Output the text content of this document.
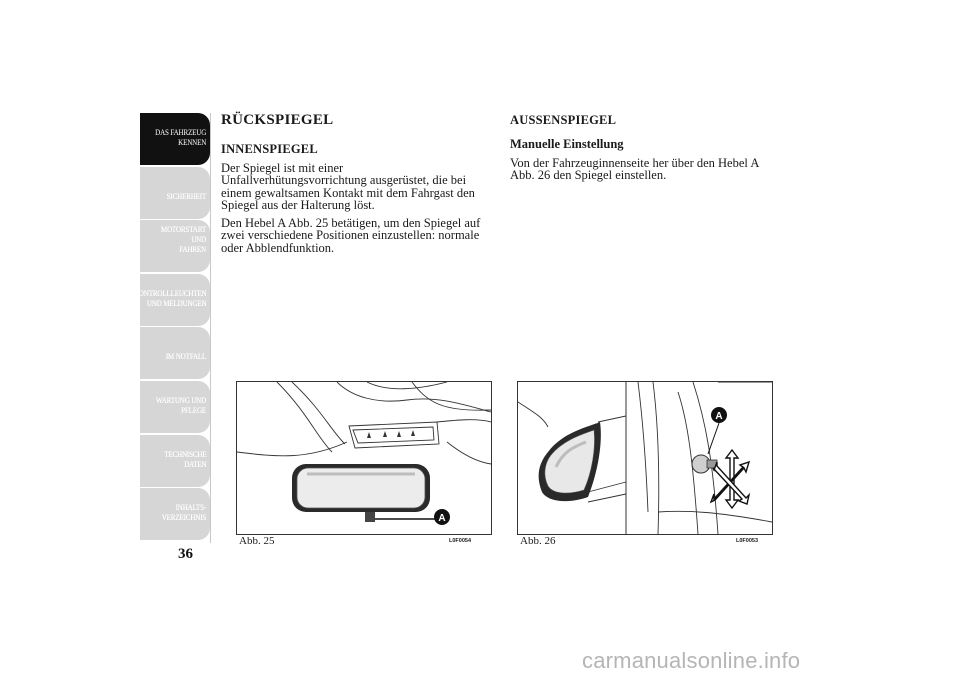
DAS FAHRZEUG
KENNEN
SICHERHEIT
MOTORSTART UND
FAHREN
KONTROLLLEUCHTEN
UND MELDUNGEN
IM NOTFALL
WARTUNG UND
PFLEGE
TECHNISCHE
DATEN
INHALTS-
VERZEICHNIS
36
RÜCKSPIEGEL
INNENSPIEGEL

Der Spiegel ist mit einer Unfallverhütungsvorrichtung ausgerüstet, die bei einem gewaltsamen Kontakt mit dem Fahrgast den Spiegel aus der Halterung löst.

Den Hebel A Abb. 25 betätigen, um den Spiegel auf zwei verschiedene Positionen einzustellen: normale oder Abblendfunktion.

AUSSENSPIEGEL
Manuelle Einstellung

Von der Fahrzeuginnenseite her über den Hebel A Abb. 26 den Spiegel einstellen.

A
Abb. 25	L0F0054
A
Abb. 26	L0F0053
carmanualsonline.info
